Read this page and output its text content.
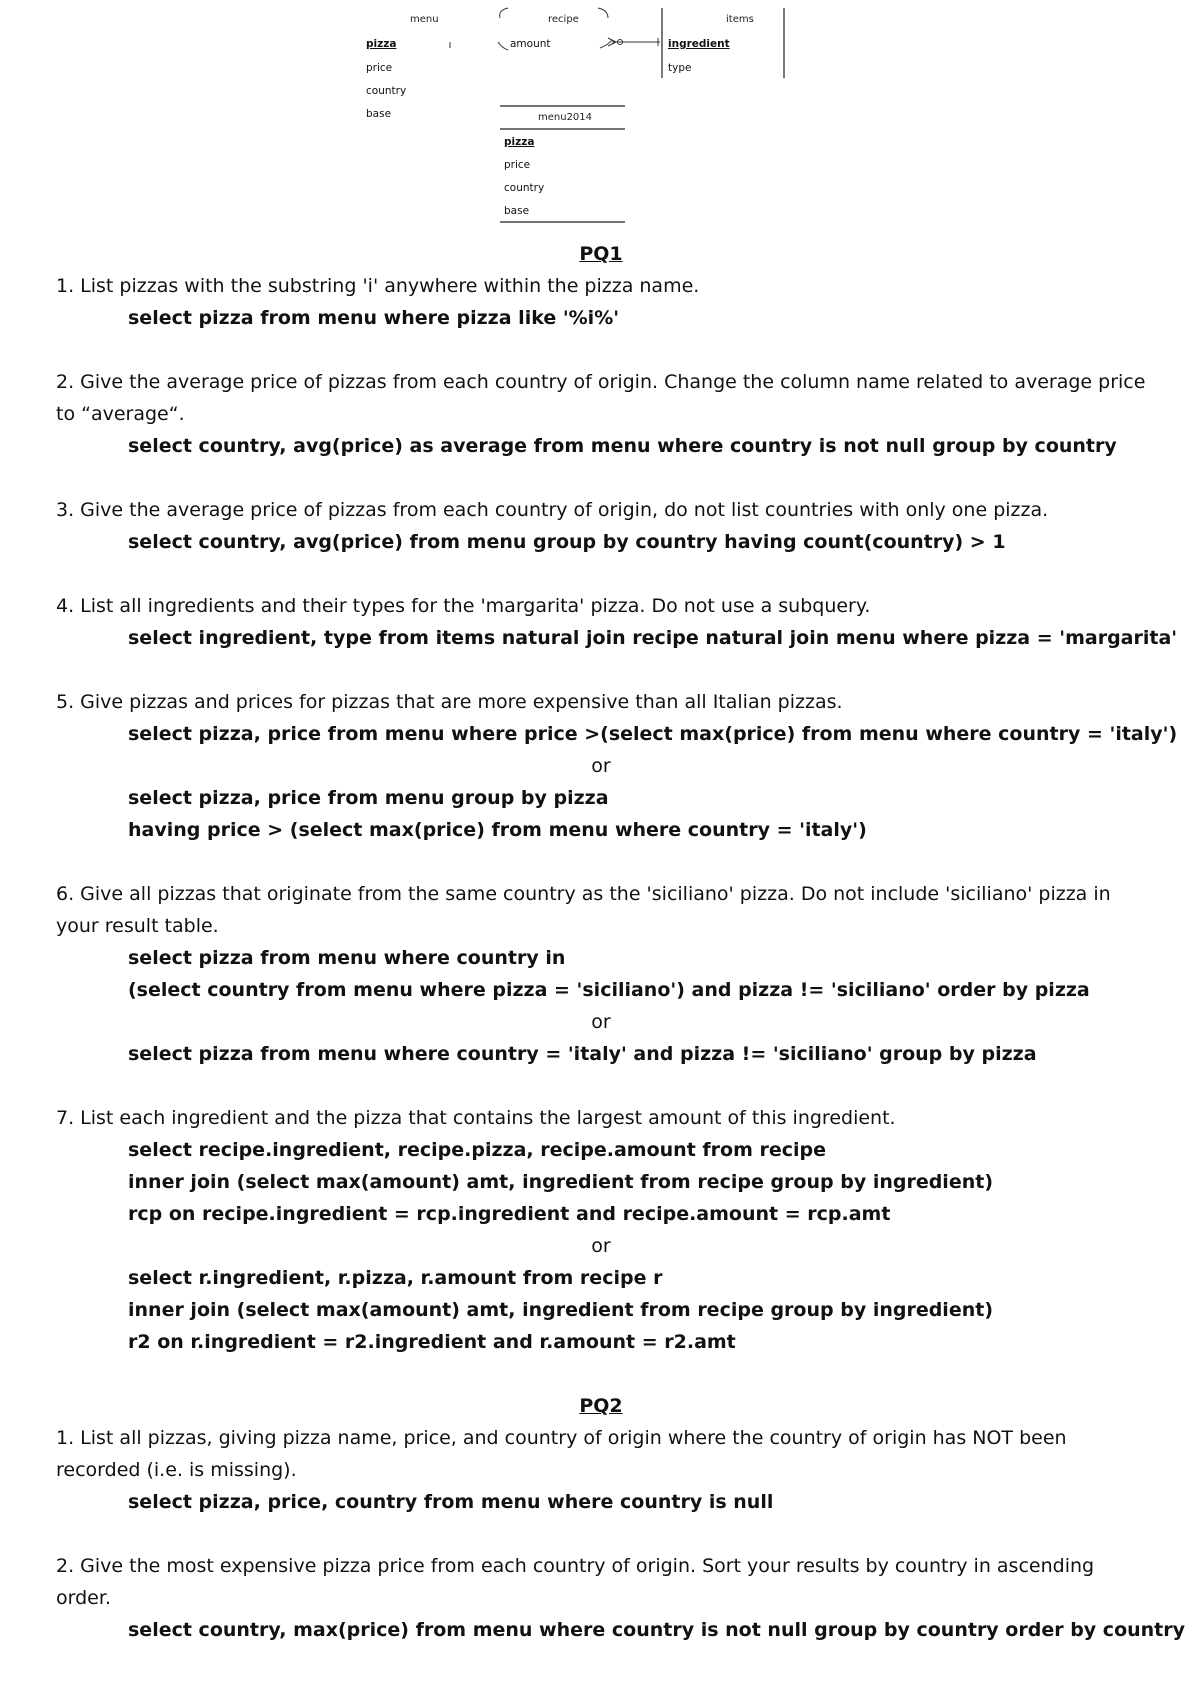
menu
pizza
price
country
base
recipe
amount
items
ingredient
type
menu2014
pizza
price
country
base

PQ1

1. List pizzas with the substring 'i' anywhere within the pizza name.

select pizza from menu where pizza like '%i%'

2. Give the average price of pizzas from each country of origin. Change the column name related to average price to “average“.

select country, avg(price) as average from menu where country is not null group by country

3. Give the average price of pizzas from each country of origin, do not list countries with only one pizza.

select country, avg(price) from menu group by country having count(country) > 1

4. List all ingredients and their types for the 'margarita' pizza. Do not use a subquery.

select ingredient, type from items natural join recipe natural join menu where pizza = 'margarita'

5. Give pizzas and prices for pizzas that are more expensive than all Italian pizzas.

select pizza, price from menu where price >(select max(price) from menu where country = 'italy')

or

select pizza, price from menu group by pizza

having price > (select max(price) from menu where country = 'italy')

6. Give all pizzas that originate from the same country as the 'siciliano' pizza. Do not include 'siciliano' pizza in your result table.

select pizza from menu where country in

(select country from menu where pizza = 'siciliano') and pizza != 'siciliano' order by pizza

or

select pizza from menu where country = 'italy' and pizza != 'siciliano' group by pizza

7. List each ingredient and the pizza that contains the largest amount of this ingredient.

select recipe.ingredient, recipe.pizza, recipe.amount from recipe

inner join (select max(amount) amt, ingredient from recipe group by ingredient)

rcp on recipe.ingredient = rcp.ingredient and recipe.amount = rcp.amt

or

select r.ingredient, r.pizza, r.amount from recipe r

inner join (select max(amount) amt, ingredient from recipe group by ingredient)

r2 on r.ingredient = r2.ingredient and r.amount = r2.amt

PQ2

1. List all pizzas, giving pizza name, price, and country of origin where the country of origin has NOT been recorded (i.e. is missing).

select pizza, price, country from menu where country is null

2. Give the most expensive pizza price from each country of origin. Sort your results by country in ascending order.

select country, max(price) from menu where country is not null group by country order by country
